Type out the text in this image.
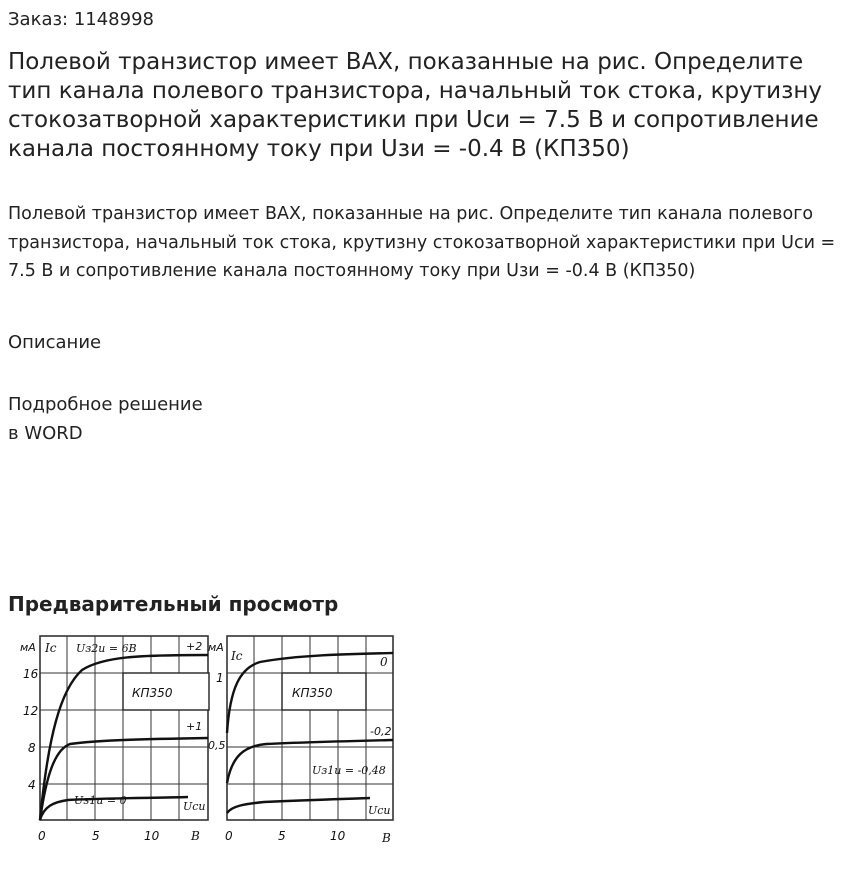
Заказ: 1148998
Полевой транзистор имеет ВАХ, показанные на рис. Определите тип канала полевого транзистора, начальный ток стока, крутизну стокозатворной характеристики при Uси = 7.5 В и сопротивление канала постоянному току при Uзи = -0.4 В (КП350)

Полевой транзистор имеет ВАХ, показанные на рис. Определите тип канала полевого транзистора, начальный ток стока, крутизну стокозатворной характеристики при Uси = 7.5 В и сопротивление канала постоянному току при Uзи = -0.4 В (КП350)

Описание
Подробное решение
в WORD
Предварительный просмотр
мА Iс Uз2и = 6В	+2
+1
Uз1и = 0	Uси
КП350
16
12
8
4
0	5	10	В
мА
Iс	0
-0,2
Uз1и = -0,48
Uси
КП350
1
0,5
0	5	10	В
